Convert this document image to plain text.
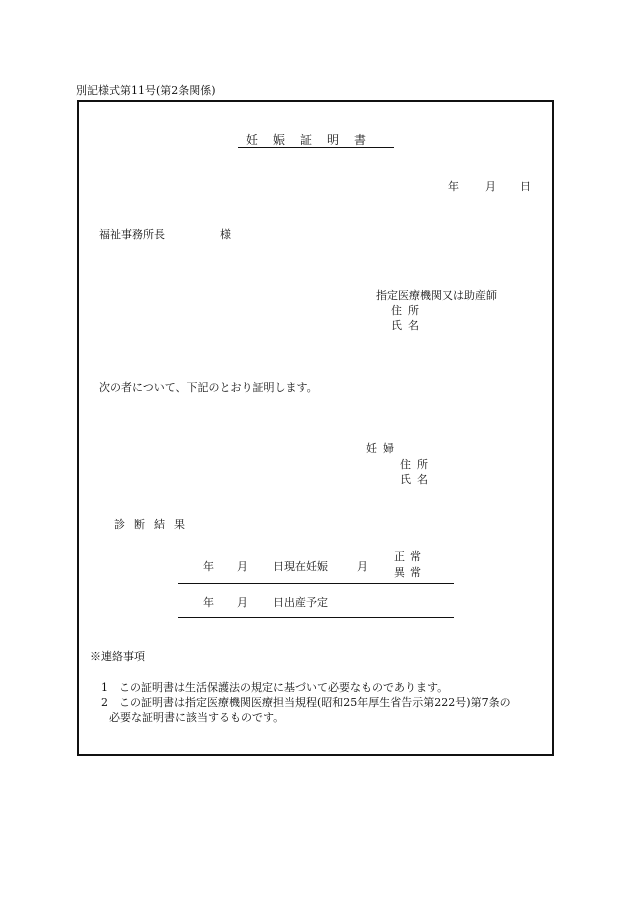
別記様式第11号(第2条関係)
妊娠証明書
年 月 日
福祉事務所長	様
指定医療機関又は助産師
住所
氏名
次の者について、下記のとおり証明します。
妊婦
住所
氏名
診断結果
年 月 日現在妊娠	月
正常
異常
年 月 日出産予定
※連絡事項
1 この証明書は生活保護法の規定に基づいて必要なものであります。
2 この証明書は指定医療機関医療担当規程(昭和25年厚生省告示第222号)第7条の
必要な証明書に該当するものです。
